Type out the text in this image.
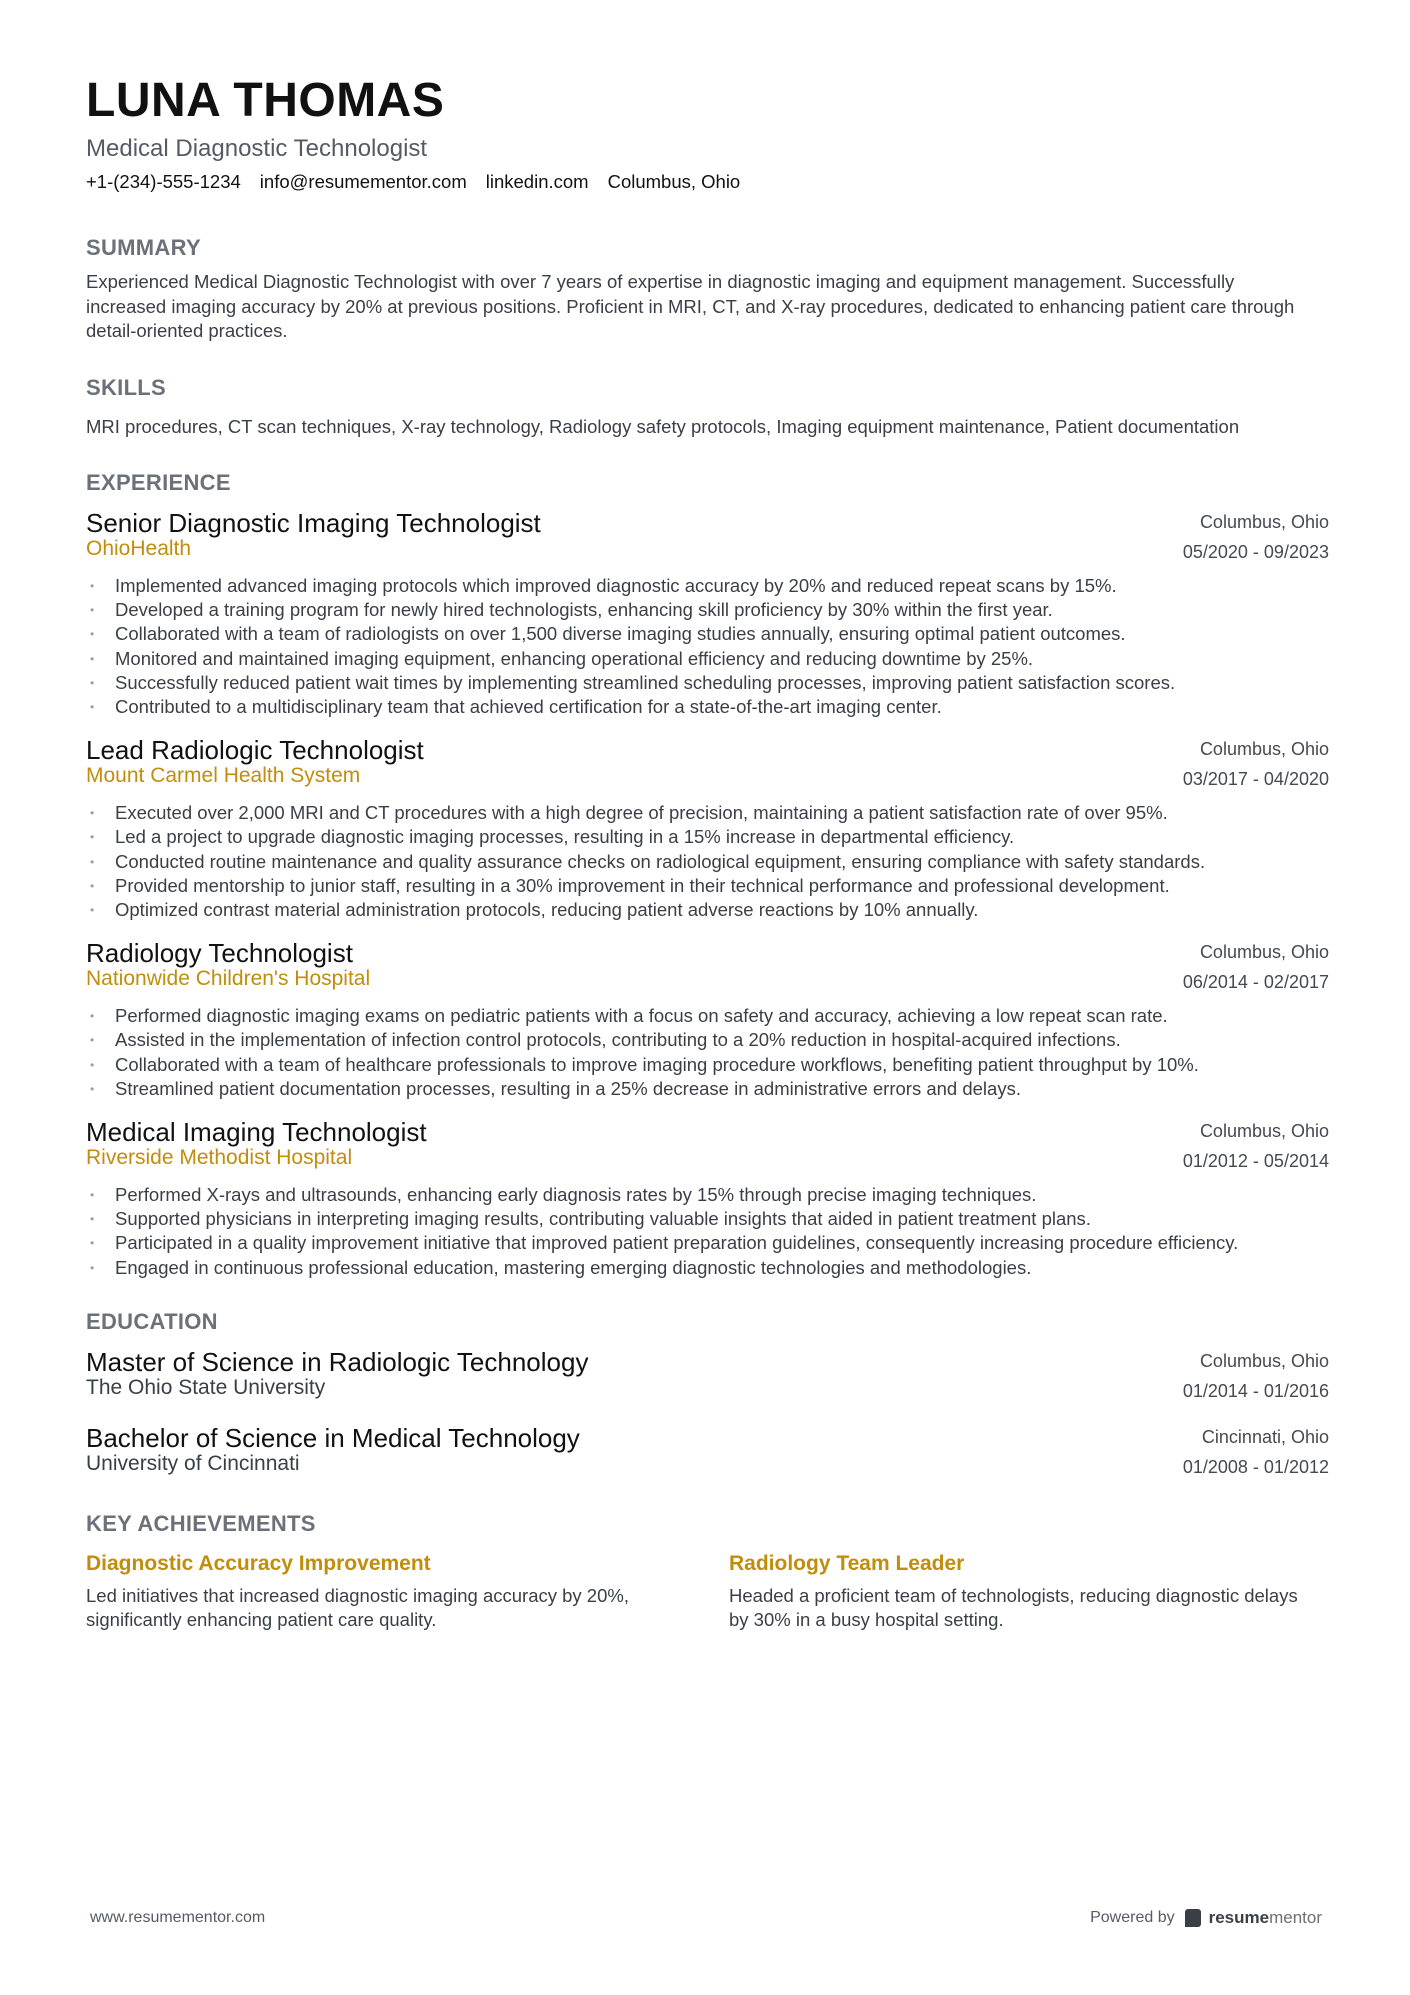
LUNA THOMAS
Medical Diagnostic Technologist
+1-(234)-555-1234 info@resumementor.com linkedin.com Columbus, Ohio
SUMMARY
Experienced Medical Diagnostic Technologist with over 7 years of expertise in diagnostic imaging and equipment management. Successfully increased imaging accuracy by 20% at previous positions. Proficient in MRI, CT, and X-ray procedures, dedicated to enhancing patient care through detail-oriented practices.
SKILLS
MRI procedures, CT scan techniques, X-ray technology, Radiology safety protocols, Imaging equipment maintenance, Patient documentation
EXPERIENCE
Senior Diagnostic Imaging Technologist
OhioHealth
Columbus, Ohio
05/2020 - 09/2023
• Implemented advanced imaging protocols which improved diagnostic accuracy by 20% and reduced repeat scans by 15%.
• Developed a training program for newly hired technologists, enhancing skill proficiency by 30% within the first year.
• Collaborated with a team of radiologists on over 1,500 diverse imaging studies annually, ensuring optimal patient outcomes.
• Monitored and maintained imaging equipment, enhancing operational efficiency and reducing downtime by 25%.
• Successfully reduced patient wait times by implementing streamlined scheduling processes, improving patient satisfaction scores.
• Contributed to a multidisciplinary team that achieved certification for a state-of-the-art imaging center.
Lead Radiologic Technologist
Mount Carmel Health System
Columbus, Ohio
03/2017 - 04/2020
• Executed over 2,000 MRI and CT procedures with a high degree of precision, maintaining a patient satisfaction rate of over 95%.
• Led a project to upgrade diagnostic imaging processes, resulting in a 15% increase in departmental efficiency.
• Conducted routine maintenance and quality assurance checks on radiological equipment, ensuring compliance with safety standards.
• Provided mentorship to junior staff, resulting in a 30% improvement in their technical performance and professional development.
• Optimized contrast material administration protocols, reducing patient adverse reactions by 10% annually.
Radiology Technologist
Nationwide Children's Hospital
Columbus, Ohio
06/2014 - 02/2017
• Performed diagnostic imaging exams on pediatric patients with a focus on safety and accuracy, achieving a low repeat scan rate.
• Assisted in the implementation of infection control protocols, contributing to a 20% reduction in hospital-acquired infections.
• Collaborated with a team of healthcare professionals to improve imaging procedure workflows, benefiting patient throughput by 10%.
• Streamlined patient documentation processes, resulting in a 25% decrease in administrative errors and delays.
Medical Imaging Technologist
Riverside Methodist Hospital
Columbus, Ohio
01/2012 - 05/2014
• Performed X-rays and ultrasounds, enhancing early diagnosis rates by 15% through precise imaging techniques.
• Supported physicians in interpreting imaging results, contributing valuable insights that aided in patient treatment plans.
• Participated in a quality improvement initiative that improved patient preparation guidelines, consequently increasing procedure efficiency.
• Engaged in continuous professional education, mastering emerging diagnostic technologies and methodologies.
EDUCATION
Master of Science in Radiologic Technology
The Ohio State University
Columbus, Ohio
01/2014 - 01/2016
Bachelor of Science in Medical Technology
University of Cincinnati
Cincinnati, Ohio
01/2008 - 01/2012
KEY ACHIEVEMENTS
Diagnostic Accuracy Improvement
Led initiatives that increased diagnostic imaging accuracy by 20%, significantly enhancing patient care quality.
Radiology Team Leader
Headed a proficient team of technologists, reducing diagnostic delays by 30% in a busy hospital setting.
www.resumementor.com	Powered by resumementor
